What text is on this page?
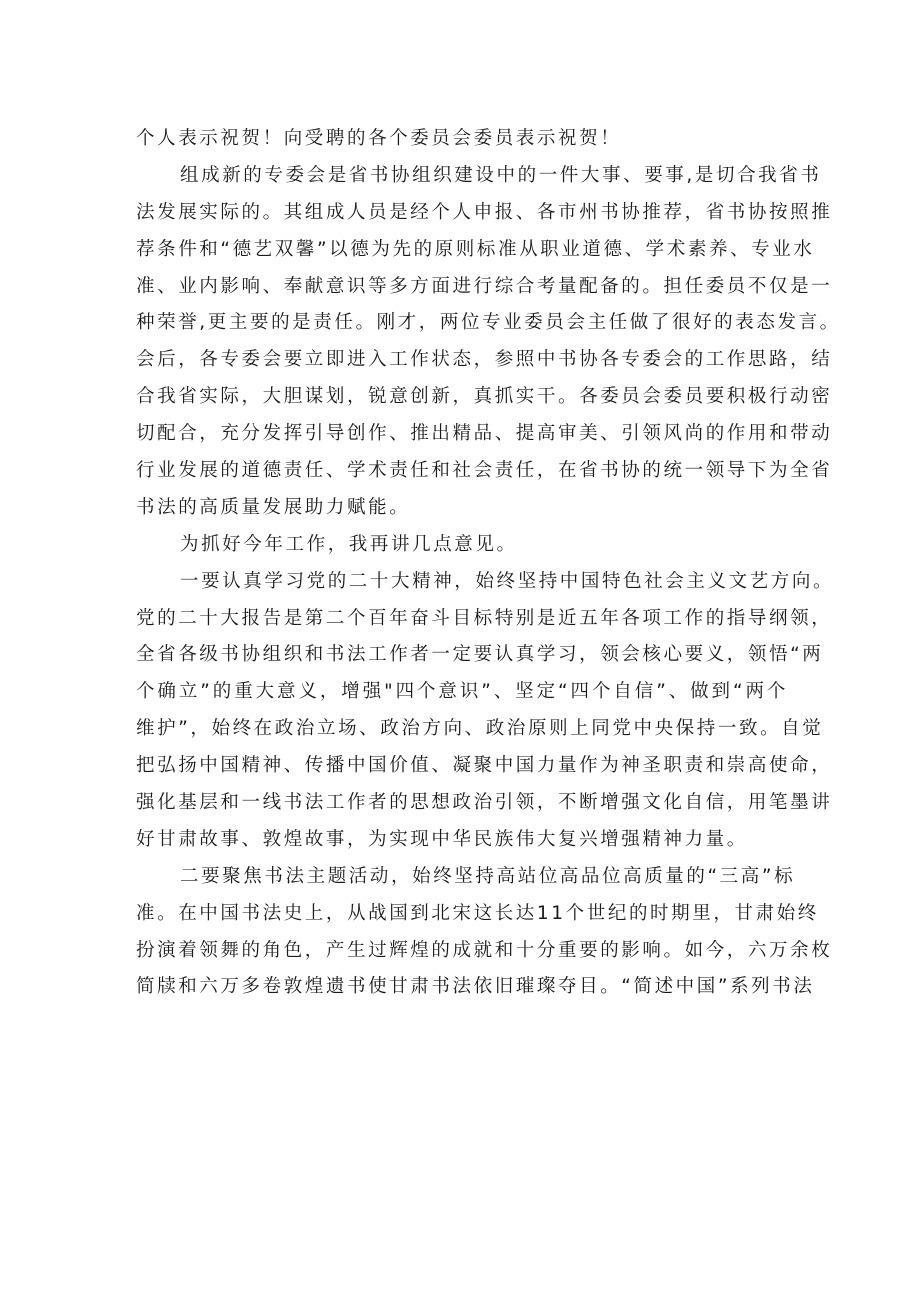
个人表示祝贺！向受聘的各个委员会委员表示祝贺！
组成新的专委会是省书协组织建设中的一件大事、要事,是切合我省书
法发展实际的。其组成人员是经个人申报、各市州书协推荐，省书协按照推
荐条件和“德艺双馨”以德为先的原则标准从职业道德、学术素养、专业水
准、业内影响、奉献意识等多方面进行综合考量配备的。担任委员不仅是一
种荣誉,更主要的是责任。刚才，两位专业委员会主任做了很好的表态发言。
会后，各专委会要立即进入工作状态，参照中书协各专委会的工作思路，结
合我省实际，大胆谋划，锐意创新，真抓实干。各委员会委员要积极行动密
切配合，充分发挥引导创作、推出精品、提高审美、引领风尚的作用和带动
行业发展的道德责任、学术责任和社会责任，在省书协的统一领导下为全省
书法的高质量发展助力赋能。
为抓好今年工作，我再讲几点意见。
一要认真学习党的二十大精神，始终坚持中国特色社会主义文艺方向。
党的二十大报告是第二个百年奋斗目标特别是近五年各项工作的指导纲领，
全省各级书协组织和书法工作者一定要认真学习，领会核心要义，领悟“两
个确立”的重大意义，增强"四个意识”、坚定“四个自信”、做到“两个
维护”，始终在政治立场、政治方向、政治原则上同党中央保持一致。自觉
把弘扬中国精神、传播中国价值、凝聚中国力量作为神圣职责和崇高使命，
强化基层和一线书法工作者的思想政治引领，不断增强文化自信，用笔墨讲
好甘肃故事、敦煌故事，为实现中华民族伟大复兴增强精神力量。
二要聚焦书法主题活动，始终坚持高站位高品位高质量的“三高”标
准。在中国书法史上，从战国到北宋这长达11个世纪的时期里，甘肃始终
扮演着领舞的角色，产生过辉煌的成就和十分重要的影响。如今，六万余枚
简牍和六万多卷敦煌遗书使甘肃书法依旧璀璨夺目。“简述中国”系列书法
